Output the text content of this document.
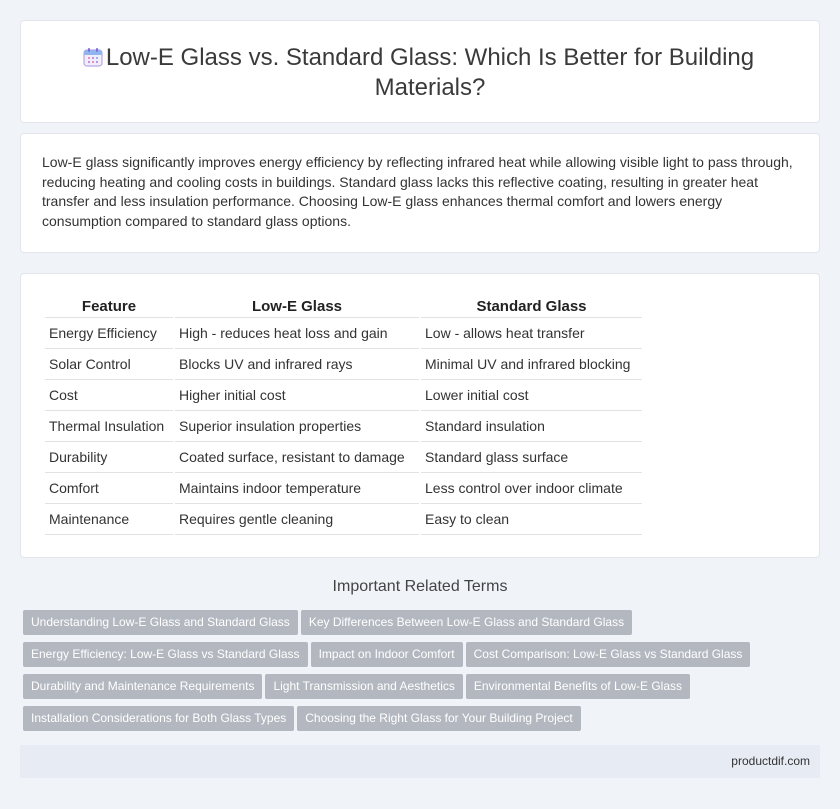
Low-E Glass vs. Standard Glass: Which Is Better for Building Materials?

Low-E glass significantly improves energy efficiency by reflecting infrared heat while allowing visible light to pass through, reducing heating and cooling costs in buildings. Standard glass lacks this reflective coating, resulting in greater heat transfer and less insulation performance. Choosing Low-E glass enhances thermal comfort and lowers energy consumption compared to standard glass options.

Feature	Low-E Glass	Standard Glass
Energy Efficiency	High - reduces heat loss and gain	Low - allows heat transfer
Solar Control	Blocks UV and infrared rays	Minimal UV and infrared blocking
Cost	Higher initial cost	Lower initial cost
Thermal Insulation	Superior insulation properties	Standard insulation
Durability	Coated surface, resistant to damage	Standard glass surface
Comfort	Maintains indoor temperature	Less control over indoor climate
Maintenance	Requires gentle cleaning	Easy to clean
Important Related Terms
Understanding Low-E Glass and Standard Glass Key Differences Between Low-E Glass and Standard Glass
Energy Efficiency: Low-E Glass vs Standard Glass Impact on Indoor Comfort Cost Comparison: Low-E Glass vs Standard Glass
Durability and Maintenance Requirements Light Transmission and Aesthetics Environmental Benefits of Low-E Glass
Installation Considerations for Both Glass Types Choosing the Right Glass for Your Building Project
productdif.com
